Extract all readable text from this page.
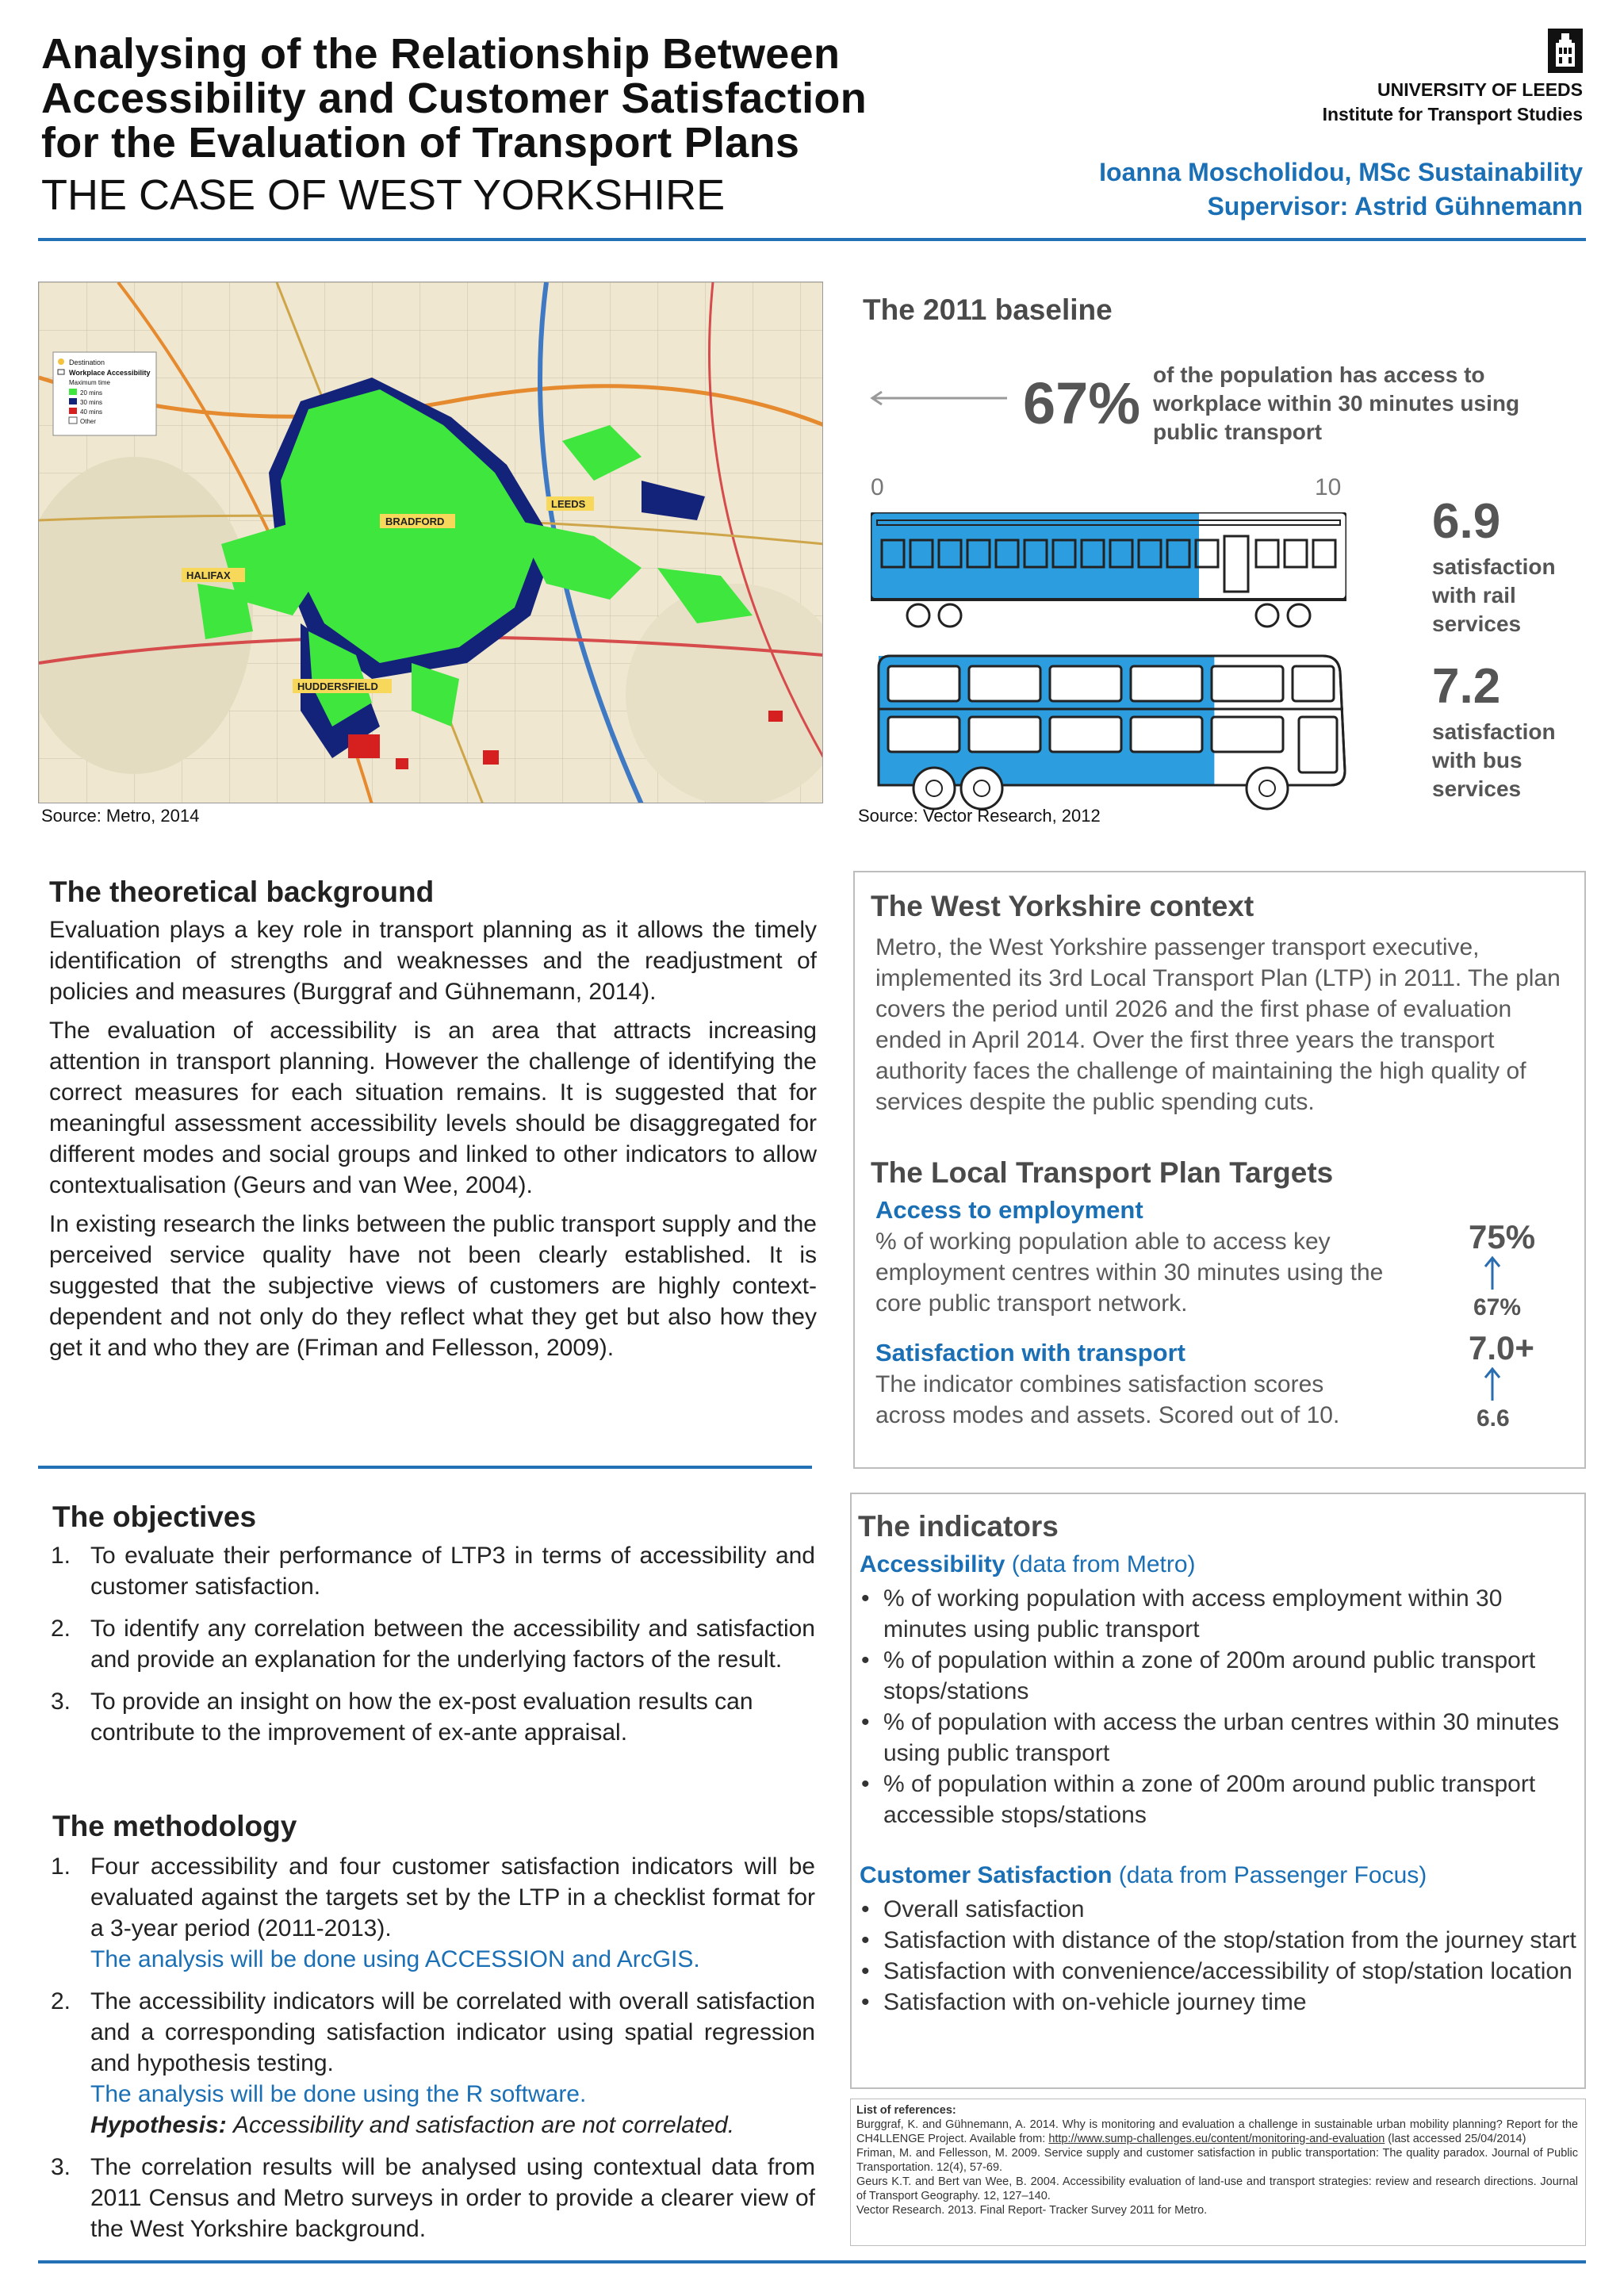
Analysing of the Relationship Between
Accessibility and Customer Satisfaction
for the Evaluation of Transport Plans
THE CASE OF WEST YORKSHIRE
UNIVERSITY OF LEEDS
Institute for Transport Studies
Ioanna Moscholidou, MSc Sustainability
Supervisor: Astrid Gühnemann
BRADFORD
LEEDS
HUDDERSFIELD
HALIFAX
Destination
Workplace Accessibility
Maximum time
20 mins
30 mins
40 mins
Other
Source: Metro, 2014
The 2011 baseline
67% of the population has access to workplace within 30 minutes using public transport
0	10
6.9
satisfaction with rail services
7.2
satisfaction with bus services
Source: Vector Research, 2012
The theoretical background

Evaluation plays a key role in transport planning as it allows the timely identification of strengths and weaknesses and the readjustment of policies and measures (Burggraf and Gühnemann, 2014).

The evaluation of accessibility is an area that attracts increasing attention in transport planning. However the challenge of identifying the correct measures for each situation remains. It is suggested that for meaningful assessment accessibility levels should be disaggregated for different modes and social groups and linked to other indicators to allow contextualisation (Geurs and van Wee, 2004).

In existing research the links between the public transport supply and the perceived service quality have not been clearly established. It is suggested that the subjective views of customers are highly context-dependent and not only do they reflect what they get but also how they get it and who they are (Friman and Fellesson, 2009).

The West Yorkshire context
Metro, the West Yorkshire passenger transport executive, implemented its 3rd Local Transport Plan (LTP) in 2011. The plan covers the period until 2026 and the first phase of evaluation ended in April 2014. Over the first three years the transport authority faces the challenge of maintaining the high quality of services despite the public spending cuts.
The Local Transport Plan Targets
Access to employment
% of working population able to access key employment centres within 30 minutes using the core public transport network.
75%
67%
Satisfaction with transport
The indicator combines satisfaction scores across modes and assets. Scored out of 10.
7.0+
6.6
The objectives
1. To evaluate their performance of LTP3 in terms of accessibility and customer satisfaction.
2. To identify any correlation between the accessibility and satisfaction and provide an explanation for the underlying factors of the result.
3. To provide an insight on how the ex-post evaluation results can contribute to the improvement of ex-ante appraisal.
The methodology
1. Four accessibility and four customer satisfaction indicators will be evaluated against the targets set by the LTP in a checklist format for a 3-year period (2011-2013).
The analysis will be done using ACCESSION and ArcGIS.
2. The accessibility indicators will be correlated with overall satisfaction and a corresponding satisfaction indicator using spatial regression and hypothesis testing.
The analysis will be done using the R software.
Hypothesis: Accessibility and satisfaction are not correlated.
3. The correlation results will be analysed using contextual data from 2011 Census and Metro surveys in order to provide a clearer view of the West Yorkshire background.
The indicators
Accessibility (data from Metro)
• % of working population with access employment within 30 minutes using public transport
• % of population within a zone of 200m around public transport stops/stations
• % of population with access the urban centres within 30 minutes using public transport
• % of population within a zone of 200m around public transport accessible stops/stations
Customer Satisfaction (data from Passenger Focus)
• Overall satisfaction
• Satisfaction with distance of the stop/station from the journey start
• Satisfaction with convenience/accessibility of stop/station location
• Satisfaction with on-vehicle journey time
List of references:
Burggraf, K. and Gühnemann, A. 2014. Why is monitoring and evaluation a challenge in sustainable urban mobility planning? Report for the CH4LLENGE Project. Available from: http://www.sump-challenges.eu/content/monitoring-and-evaluation (last accessed 25/04/2014)
Friman, M. and Fellesson, M. 2009. Service supply and customer satisfaction in public transportation: The quality paradox. Journal of Public Transportation. 12(4), 57-69.
Geurs K.T. and Bert van Wee, B. 2004. Accessibility evaluation of land-use and transport strategies: review and research directions. Journal of Transport Geography. 12, 127–140.
Vector Research. 2013. Final Report- Tracker Survey 2011 for Metro.
